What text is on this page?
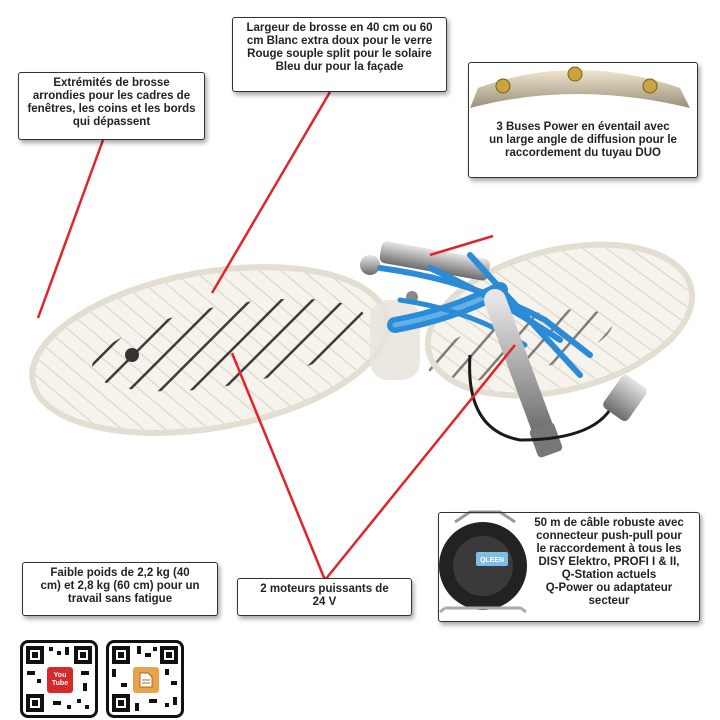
QLEEN
Extrémités de brosse
arrondies pour les cadres de
fenêtres, les coins et les bords
qui dépassent
Largeur de brosse en 40 cm ou 60
cm Blanc extra doux pour le verre
Rouge souple split pour le solaire
Bleu dur pour la façade
3 Buses Power en éventail avec
un large angle de diffusion pour le
raccordement du tuyau DUO
Faible poids de 2,2 kg (40
cm) et 2,8 kg (60 cm) pour un
travail sans fatigue
2 moteurs puissants de
24 V
50 m de câble robuste avec
connecteur push-pull pour
le raccordement à tous les
DISY Elektro, PROFI I & II,
Q-Station actuels
Q-Power ou adaptateur
secteur
You
Tube
